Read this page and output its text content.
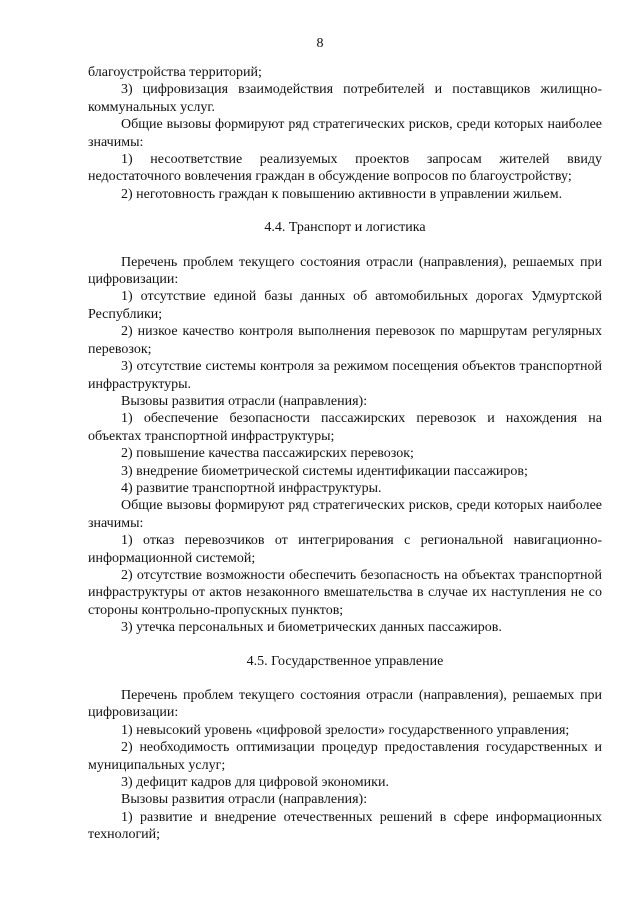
8

благоустройства территорий;

3) цифровизация взаимодействия потребителей и поставщиков жилищно-коммунальных услуг.

Общие вызовы формируют ряд стратегических рисков, среди которых наиболее значимы:

1) несоответствие реализуемых проектов запросам жителей ввиду недостаточного вовлечения граждан в обсуждение вопросов по благоустройству;

2) неготовность граждан к повышению активности в управлении жильем.

4.4. Транспорт и логистика

Перечень проблем текущего состояния отрасли (направления), решаемых при цифровизации:

1) отсутствие единой базы данных об автомобильных дорогах Удмуртской Республики;

2) низкое качество контроля выполнения перевозок по маршрутам регулярных перевозок;

3) отсутствие системы контроля за режимом посещения объектов транспортной инфраструктуры.

Вызовы развития отрасли (направления):

1) обеспечение безопасности пассажирских перевозок и нахождения на объектах транспортной инфраструктуры;

2) повышение качества пассажирских перевозок;

3) внедрение биометрической системы идентификации пассажиров;

4) развитие транспортной инфраструктуры.

Общие вызовы формируют ряд стратегических рисков, среди которых наиболее значимы:

1) отказ перевозчиков от интегрирования с региональной навигационно-информационной системой;

2) отсутствие возможности обеспечить безопасность на объектах транспортной инфраструктуры от актов незаконного вмешательства в случае их наступления не со стороны контрольно-пропускных пунктов;

3) утечка персональных и биометрических данных пассажиров.

4.5. Государственное управление

Перечень проблем текущего состояния отрасли (направления), решаемых при цифровизации:

1) невысокий уровень «цифровой зрелости» государственного управления;

2) необходимость оптимизации процедур предоставления государственных и муниципальных услуг;

3) дефицит кадров для цифровой экономики.

Вызовы развития отрасли (направления):

1) развитие и внедрение отечественных решений в сфере информационных технологий;
